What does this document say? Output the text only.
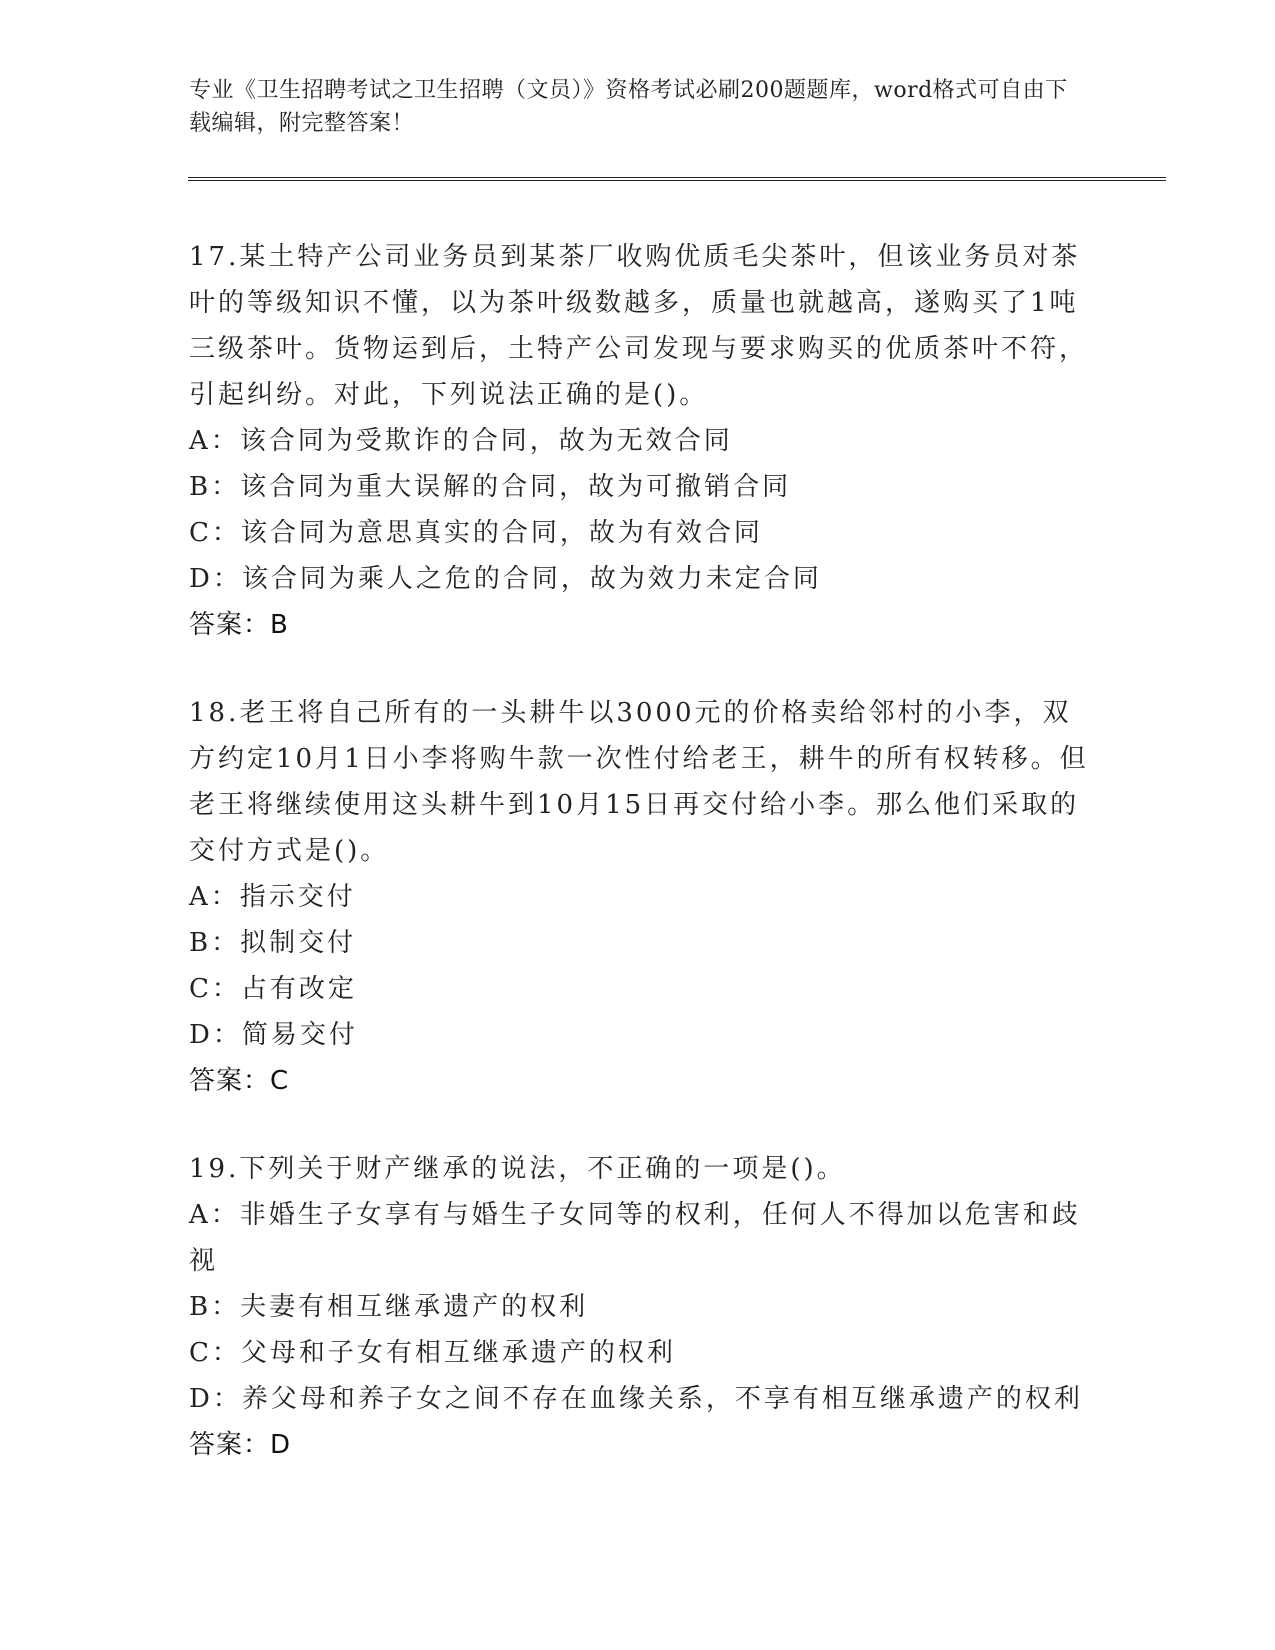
专业《卫生招聘考试之卫生招聘（文员）》资格考试必刷200题题库，word格式可自由下载编辑，附完整答案！

17.某土特产公司业务员到某茶厂收购优质毛尖茶叶，但该业务员对茶叶的等级知识不懂，以为茶叶级数越多，质量也就越高，遂购买了1吨三级茶叶。货物运到后，土特产公司发现与要求购买的优质茶叶不符，引起纠纷。对此，下列说法正确的是()。

A：该合同为受欺诈的合同，故为无效合同

B：该合同为重大误解的合同，故为可撤销合同

C：该合同为意思真实的合同，故为有效合同

D：该合同为乘人之危的合同，故为效力未定合同

答案：B

18.老王将自己所有的一头耕牛以3000元的价格卖给邻村的小李，双方约定10月1日小李将购牛款一次性付给老王，耕牛的所有权转移。但老王将继续使用这头耕牛到10月15日再交付给小李。那么他们采取的交付方式是()。

A：指示交付

B：拟制交付

C：占有改定

D：简易交付

答案：C

19.下列关于财产继承的说法，不正确的一项是()。

A：非婚生子女享有与婚生子女同等的权利，任何人不得加以危害和歧视

B：夫妻有相互继承遗产的权利

C：父母和子女有相互继承遗产的权利

D：养父母和养子女之间不存在血缘关系，不享有相互继承遗产的权利

答案：D
